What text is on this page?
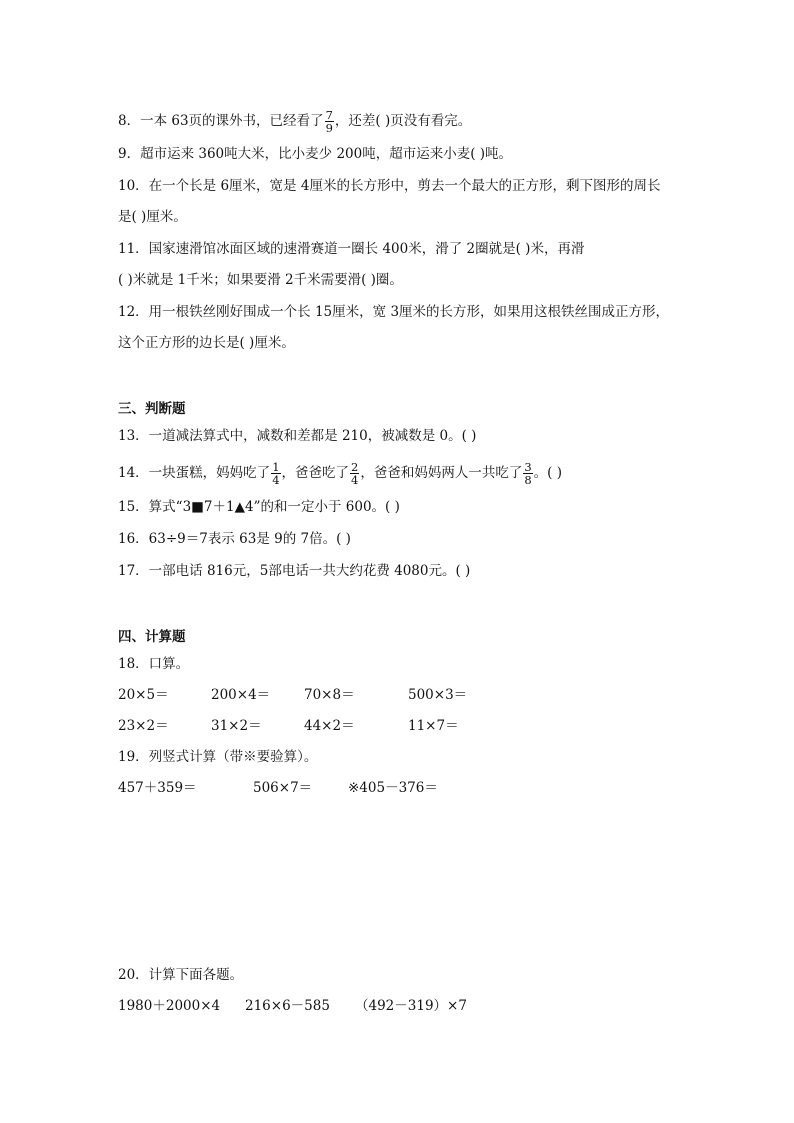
8．一本 63页的课外书，已经看了 $\frac{7}{9}$ ，还差( )页没有看完。
9．超市运来 360吨大米，比小麦少 200吨，超市运来小麦( )吨。
10．在一个长是 6厘米，宽是 4厘米的长方形中，剪去一个最大的正方形，剩下图形的周长
是( )厘米。
11．国家速滑馆冰面区域的速滑赛道一圈长 400米，滑了 2圈就是( )米，再滑
( )米就是 1千米；如果要滑 2千米需要滑( )圈。
12．用一根铁丝刚好围成一个长 15厘米，宽 3厘米的长方形，如果用这根铁丝围成正方形，
这个正方形的边长是( )厘米。
三、判断题
13．一道减法算式中，减数和差都是 210，被减数是 0。( )
14．一块蛋糕，妈妈吃了 $\frac{1}{4}$ ，爸爸吃了 $\frac{2}{4}$ ，爸爸和妈妈两人一共吃了 $\frac{3}{8}$ 。( )
15．算式“3■7＋1▲4”的和一定小于 600。( )
16．63÷9＝7表示 63是 9的 7倍。( )
17．一部电话 816元，5部电话一共大约花费 4080元。( )
四、计算题
18．口算。
20×5＝	200×4＝	70×8＝	500×3＝
23×2＝	31×2＝	44×2＝	11×7＝
19．列竖式计算（带※要验算）。
457＋359＝	506×7＝	※405－376＝
20．计算下面各题。
1980＋2000×4 216×6－585 （492－319）×7
